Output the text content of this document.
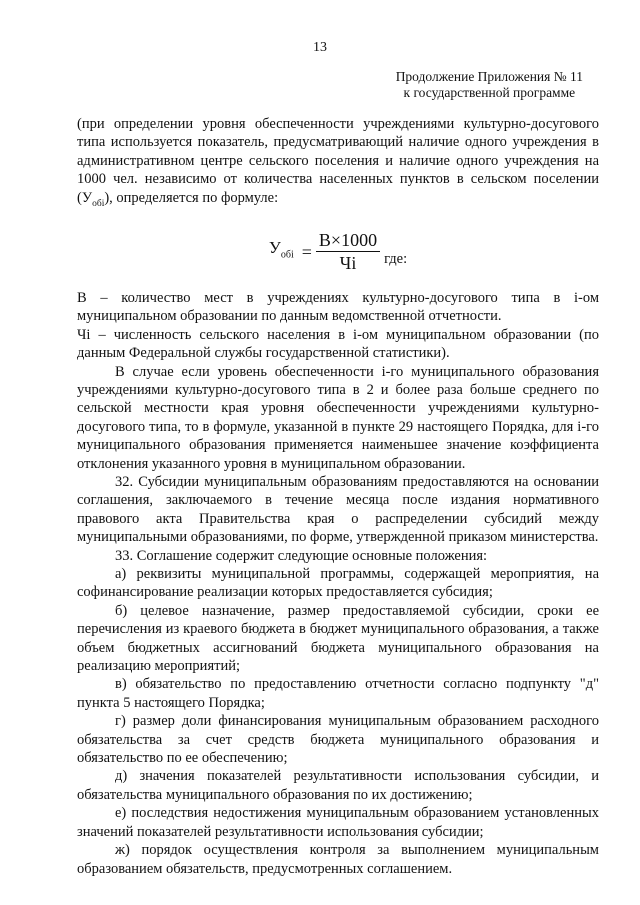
13
Продолжение Приложения № 11
к государственной программе

(при определении уровня обеспеченности учреждениями культурно-досугового типа используется показатель, предусматривающий наличие одного учреждения в административном центре сельского поселения и наличие одного учреждения на 1000 чел. независимо от количества населенных пунктов в сельском поселении $(У_{обі})$, определяется по формуле:

$У_{обі} = \frac{В\times 1000}{Чі}$ где:

В – количество мест в учреждениях культурно-досугового типа в і-ом муниципальном образовании по данным ведомственной отчетности.

Чі – численность сельского населения в і-ом муниципальном образовании (по данным Федеральной службы государственной статистики).

В случае если уровень обеспеченности і-го муниципального образования учреждениями культурно-досугового типа в 2 и более раза больше среднего по сельской местности края уровня обеспеченности учреждениями культурно-досугового типа, то в формуле, указанной в пункте 29 настоящего Порядка, для і-го муниципального образования применяется наименьшее значение коэффициента отклонения указанного уровня в муниципальном образовании.

32. Субсидии муниципальным образованиям предоставляются на основании соглашения, заключаемого в течение месяца после издания нормативного правового акта Правительства края о распределении субсидий между муниципальными образованиями, по форме, утвержденной приказом министерства.

33. Соглашение содержит следующие основные положения:

а) реквизиты муниципальной программы, содержащей мероприятия, на софинансирование реализации которых предоставляется субсидия;

б) целевое назначение, размер предоставляемой субсидии, сроки ее перечисления из краевого бюджета в бюджет муниципального образования, а также объем бюджетных ассигнований бюджета муниципального образования на реализацию мероприятий;

в) обязательство по предоставлению отчетности согласно подпункту "д" пункта 5 настоящего Порядка;

г) размер доли финансирования муниципальным образованием расходного обязательства за счет средств бюджета муниципального образования и обязательство по ее обеспечению;

д) значения показателей результативности использования субсидии, и обязательства муниципального образования по их достижению;

е) последствия недостижения муниципальным образованием установленных значений показателей результативности использования субсидии;

ж) порядок осуществления контроля за выполнением муниципальным образованием обязательств, предусмотренных соглашением.
